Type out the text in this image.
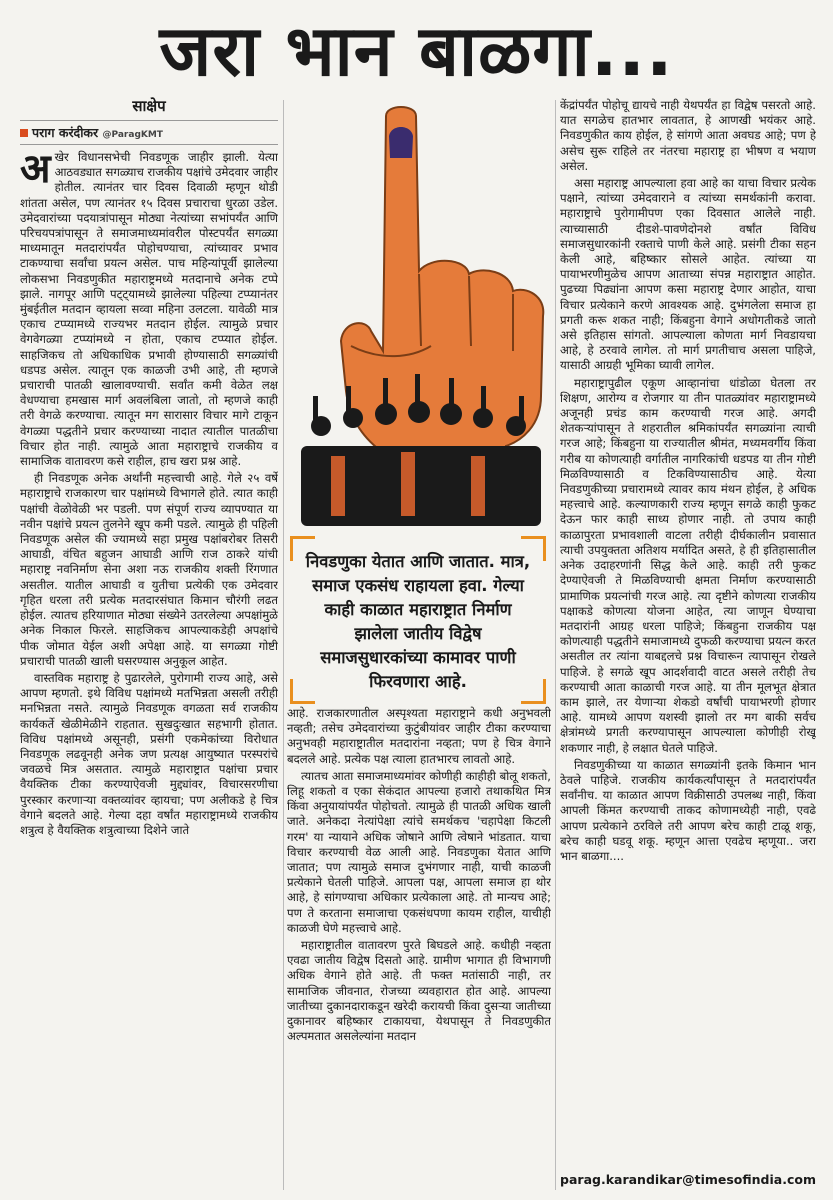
जरा भान बाळगा...
साक्षेप
पराग करंदीकर @ParagKMT
अ खेर विधानसभेची निवडणूक जाहीर झाली. येत्या आठवड्यात सगळ्याच राजकीय पक्षांचे उमेदवार जाहीर होतील. त्यानंतर चार दिवस दिवाळी म्हणून थोडी शांतता असेल, पण त्यानंतर १५ दिवस प्रचाराचा धुरळा उडेल. उमेदवारांच्या पदयात्रांपासून मोठ्या नेत्यांच्या सभांपर्यंत आणि परिचयपत्रांपासून ते समाजमाध्यमांवरील पोस्टपर्यंत सगळ्या माध्यमातून मतदारांपर्यंत पोहोचण्याचा, त्यांच्यावर प्रभाव टाकण्याचा सर्वांचा प्रयत्न असेल. पाच महिन्यांपूर्वी झालेल्या लोकसभा निवडणुकीत महाराष्ट्रमध्ये मतदानाचे अनेक टप्पे झाले. नागपूर आणि पट्ट्यामध्ये झालेल्या पहिल्या टप्प्यानंतर मुंबईतील मतदान व्हायला सव्वा महिना उलटला. यावेळी मात्र एकाच टप्प्यामध्ये राज्यभर मतदान होईल. त्यामुळे प्रचार वेगवेगळ्या टप्प्यांमध्ये न होता, एकाच टप्प्यात होईल. साहजिकच तो अधिकाधिक प्रभावी होण्यासाठी सगळ्यांची धडपड असेल. त्यातून एक काळजी उभी आहे, ती म्हणजे प्रचाराची पातळी खालावण्याची. सर्वांत कमी वेळेत लक्ष वेधण्याचा हमखास मार्ग अवलंबिला जातो, तो म्हणजे काही तरी वेगळे करण्याचा. त्यातून मग सारासार विचार मागे टाकून वेगळ्या पद्धतीने प्रचार करण्याच्या नादात त्यातील पातळीचा विचार होत नाही. त्यामुळे आता महाराष्ट्राचे राजकीय व सामाजिक वातावरण कसे राहील, हाच खरा प्रश्न आहे.

ही निवडणूक अनेक अर्थांनी महत्त्वाची आहे. गेले २५ वर्षे महाराष्ट्राचे राजकारण चार पक्षांमध्ये विभागले होते. त्यात काही पक्षांची वेळोवेळी भर पडली. पण संपूर्ण राज्य व्यापण्यात या नवीन पक्षांचे प्रयत्न तुलनेने खूप कमी पडले. त्यामुळे ही पहिली निवडणूक असेल की ज्यामध्ये सहा प्रमुख पक्षांबरोबर तिसरी आघाडी, वंचित बहुजन आघाडी आणि राज ठाकरे यांची महाराष्ट्र नवनिर्माण सेना अशा नऊ राजकीय शक्ती रिंगणात असतील. यातील आघाडी व युतीचा प्रत्येकी एक उमेदवार गृहित धरला तरी प्रत्येक मतदारसंघात किमान चौरंगी लढत होईल. त्यातच हरियाणात मोठ्या संख्येने उतरलेल्या अपक्षांमुळे अनेक निकाल फिरले. साहजिकच आपल्याकडेही अपक्षांचे पीक जोमात येईल अशी अपेक्षा आहे. या सगळ्या गोष्टी प्रचाराची पातळी खाली घसरण्यास अनुकूल आहेत.

वास्तविक महाराष्ट्र हे पुढारलेले, पुरोगामी राज्य आहे, असे आपण म्हणतो. इथे विविध पक्षांमध्ये मतभिन्नता असली तरीही मनभिन्नता नसते. त्यामुळे निवडणूक वगळता सर्व राजकीय कार्यकर्ते खेळीमेळीने राहतात. सुखदुःखात सहभागी होतात. विविध पक्षांमध्ये असूनही, प्रसंगी एकमेकांच्या विरोधात निवडणूक लढवूनही अनेक जण प्रत्यक्ष आयुष्यात परस्परांचे जवळचे मित्र असतात. त्यामुळे महाराष्ट्रात पक्षांचा प्रचार वैयक्तिक टीका करण्याऐवजी मुद्द्यांवर, विचारसरणीचा पुरस्कार करणाऱ्या वक्तव्यांवर व्हायचा; पण अलीकडे हे चित्र वेगाने बदलते आहे. गेल्या दहा वर्षांत महाराष्ट्रामध्ये राजकीय शत्रुत्व हे वैयक्तिक शत्रुत्वाच्या दिशेने जाते

निवडणुका येतात आणि जातात. मात्र, समाज एकसंध राहायला हवा. गेल्या काही काळात महाराष्ट्रात निर्माण झालेला जातीय विद्वेष समाजसुधारकांच्या कामावर पाणी फिरवणारा आहे.

आहे. राजकारणातील अस्पृश्यता महाराष्ट्राने कधी अनुभवली नव्हती; तसेच उमेदवारांच्या कुटुंबीयांवर जाहीर टीका करण्याचा अनुभवही महाराष्ट्रातील मतदारांना नव्हता; पण हे चित्र वेगाने बदलले आहे. प्रत्येक पक्ष त्याला हातभारच लावतो आहे.

त्यातच आता समाजमाध्यमांवर कोणीही काहीही बोलू शकतो, लिहू शकतो व एका सेकंदात आपल्या हजारो तथाकथित मित्र किंवा अनुयायांपर्यंत पोहोचतो. त्यामुळे ही पातळी अधिक खाली जाते. अनेकदा नेत्यांपेक्षा त्यांचे समर्थकच 'चहापेक्षा किटली गरम' या न्यायाने अधिक जोषाने आणि त्वेषाने भांडतात. याचा विचार करण्याची वेळ आली आहे. निवडणुका येतात आणि जातात; पण त्यामुळे समाज दुभंगणार नाही, याची काळजी प्रत्येकाने घेतली पाहिजे. आपला पक्ष, आपला समाज हा थोर आहे, हे सांगण्याचा अधिकार प्रत्येकाला आहे. तो मान्यच आहे; पण ते करताना समाजाचा एकसंधपणा कायम राहील, याचीही काळजी घेणे महत्त्वाचे आहे.

महाराष्ट्रातील वातावरण पुरते बिघडले आहे. कधीही नव्हता एवढा जातीय विद्वेष दिसतो आहे. ग्रामीण भागात ही विभागणी अधिक वेगाने होते आहे. ती फक्त मतांसाठी नाही, तर सामाजिक जीवनात, रोजच्या व्यवहारात होत आहे. आपल्या जातीच्या दुकानदाराकडून खरेदी करायची किंवा दुसऱ्या जातीच्या दुकानावर बहिष्कार टाकायचा, येथपासून ते निवडणुकीत अल्पमतात असलेल्यांना मतदान

केंद्रांपर्यंत पोहोचू द्यायचे नाही येथपर्यंत हा विद्वेष पसरतो आहे. यात सगळेच हातभार लावतात, हे आणखी भयंकर आहे. निवडणुकीत काय होईल, हे सांगणे आता अवघड आहे; पण हे असेच सुरू राहिले तर नंतरचा महाराष्ट्र हा भीषण व भयाण असेल.

असा महाराष्ट्र आपल्याला हवा आहे का याचा विचार प्रत्येक पक्षाने, त्यांच्या उमेदवाराने व त्यांच्या समर्थकांनी करावा. महाराष्ट्राचे पुरोगामीपण एका दिवसात आलेले नाही. त्याच्यासाठी दीडशे-पावणेदोनशे वर्षांत विविध समाजसुधारकांनी रक्ताचे पाणी केले आहे. प्रसंगी टीका सहन केली आहे, बहिष्कार सोसले आहेत. त्यांच्या या पायाभरणीमुळेच आपण आताच्या संपन्न महाराष्ट्रात आहोत. पुढच्या पिढ्यांना आपण कसा महाराष्ट्र देणार आहोत, याचा विचार प्रत्येकाने करणे आवश्यक आहे. दुभंगलेला समाज हा प्रगती करू शकत नाही; किंबहुना वेगाने अधोगतीकडे जातो असे इतिहास सांगतो. आपल्याला कोणता मार्ग निवडायचा आहे, हे ठरवावे लागेल. तो मार्ग प्रगतीचाच असला पाहिजे, यासाठी आग्रही भूमिका घ्यावी लागेल.

महाराष्ट्रापुढील एकूण आव्हानांचा धांडोळा घेतला तर शिक्षण, आरोग्य व रोजगार या तीन पातळ्यांवर महाराष्ट्रामध्ये अजूनही प्रचंड काम करण्याची गरज आहे. अगदी शेतकऱ्यांपासून ते शहरातील श्रमिकांपर्यंत सगळ्यांना त्याची गरज आहे; किंबहुना या राज्यातील श्रीमंत, मध्यमवर्गीय किंवा गरीब या कोणत्याही वर्गातील नागरिकांची धडपड या तीन गोष्टी मिळविण्यासाठी व टिकविण्यासाठीच आहे. येत्या निवडणुकीच्या प्रचारामध्ये त्यावर काय मंथन होईल, हे अधिक महत्त्वाचे आहे. कल्याणकारी राज्य म्हणून सगळे काही फुकट देऊन फार काही साध्य होणार नाही. तो उपाय काही काळापुरता प्रभावशाली वाटला तरीही दीर्घकालीन प्रवासात त्याची उपयुक्तता अतिशय मर्यादित असते, हे ही इतिहासातील अनेक उदाहरणांनी सिद्ध केले आहे. काही तरी फुकट देण्याऐवजी ते मिळविण्याची क्षमता निर्माण करण्यासाठी प्रामाणिक प्रयत्नांची गरज आहे. त्या दृष्टीने कोणत्या राजकीय पक्षाकडे कोणत्या योजना आहेत, त्या जाणून घेण्याचा मतदारांनी आग्रह धरला पाहिजे; किंबहुना राजकीय पक्ष कोणत्याही पद्धतीने समाजामध्ये दुफळी करण्याचा प्रयत्न करत असतील तर त्यांना याबद्दलचे प्रश्न विचारून त्यापासून रोखले पाहिजे. हे सगळे खूप आदर्शवादी वाटत असले तरीही तेच करण्याची आता काळाची गरज आहे. या तीन मूलभूत क्षेत्रात काम झाले, तर येणाऱ्या शेकडो वर्षांची पायाभरणी होणार आहे. यामध्ये आपण यशस्वी झालो तर मग बाकी सर्वच क्षेत्रांमध्ये प्रगती करण्यापासून आपल्याला कोणीही रोखू शकणार नाही, हे लक्षात घेतले पाहिजे.

निवडणुकीच्या या काळात सगळ्यांनी इतके किमान भान ठेवले पाहिजे. राजकीय कार्यकर्त्यांपासून ते मतदारांपर्यंत सर्वांनीच. या काळात आपण विक्रीसाठी उपलब्ध नाही, किंवा आपली किंमत करण्याची ताकद कोणामध्येही नाही, एवढे आपण प्रत्येकाने ठरविले तरी आपण बरेच काही टाळू शकू, बरेच काही घडवू शकू. म्हणून आत्ता एवढेच म्हणूया.. जरा भान बाळगा....

parag.karandikar@timesofindia.com
